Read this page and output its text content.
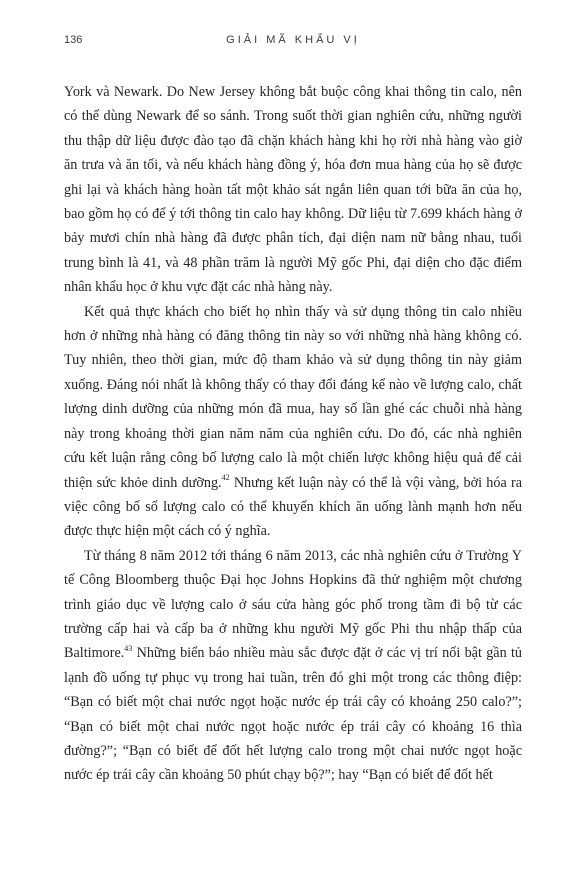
136	GIẢI MÃ KHẨU VỊ

York và Newark. Do New Jersey không bắt buộc công khai thông tin calo, nên có thể dùng Newark để so sánh. Trong suốt thời gian nghiên cứu, những người thu thập dữ liệu được đào tạo đã chặn khách hàng khi họ rời nhà hàng vào giờ ăn trưa và ăn tối, và nếu khách hàng đồng ý, hóa đơn mua hàng của họ sẽ được ghi lại và khách hàng hoàn tất một khảo sát ngắn liên quan tới bữa ăn của họ, bao gồm họ có để ý tới thông tin calo hay không. Dữ liệu từ 7.699 khách hàng ở bảy mươi chín nhà hàng đã được phân tích, đại diện nam nữ bằng nhau, tuổi trung bình là 41, và 48 phần trăm là người Mỹ gốc Phi, đại diện cho đặc điểm nhân khẩu học ở khu vực đặt các nhà hàng này.

Kết quả thực khách cho biết họ nhìn thấy và sử dụng thông tin calo nhiều hơn ở những nhà hàng có đăng thông tin này so với những nhà hàng không có. Tuy nhiên, theo thời gian, mức độ tham khảo và sử dụng thông tin này giảm xuống. Đáng nói nhất là không thấy có thay đổi đáng kể nào về lượng calo, chất lượng dinh dưỡng của những món đã mua, hay số lần ghé các chuỗi nhà hàng này trong khoảng thời gian năm năm của nghiên cứu. Do đó, các nhà nghiên cứu kết luận rằng công bố lượng calo là một chiến lược không hiệu quả để cải thiện sức khỏe dinh dưỡng.$^{42}$ Nhưng kết luận này có thể là vội vàng, bởi hóa ra việc công bố số lượng calo có thể khuyến khích ăn uống lành mạnh hơn nếu được thực hiện một cách có ý nghĩa.

Từ tháng 8 năm 2012 tới tháng 6 năm 2013, các nhà nghiên cứu ở Trường Y tế Công Bloomberg thuộc Đại học Johns Hopkins đã thử nghiệm một chương trình giáo dục về lượng calo ở sáu cửa hàng góc phố trong tầm đi bộ từ các trường cấp hai và cấp ba ở những khu người Mỹ gốc Phi thu nhập thấp của Baltimore.$^{43}$ Những biển báo nhiều màu sắc được đặt ở các vị trí nổi bật gần tủ lạnh đồ uống tự phục vụ trong hai tuần, trên đó ghi một trong các thông điệp: “Bạn có biết một chai nước ngọt hoặc nước ép trái cây có khoảng 250 calo?”; “Bạn có biết một chai nước ngọt hoặc nước ép trái cây có khoảng 16 thìa đường?”; “Bạn có biết để đốt hết lượng calo trong một chai nước ngọt hoặc nước ép trái cây cần khoảng 50 phút chạy bộ?”; hay “Bạn có biết để đốt hết
